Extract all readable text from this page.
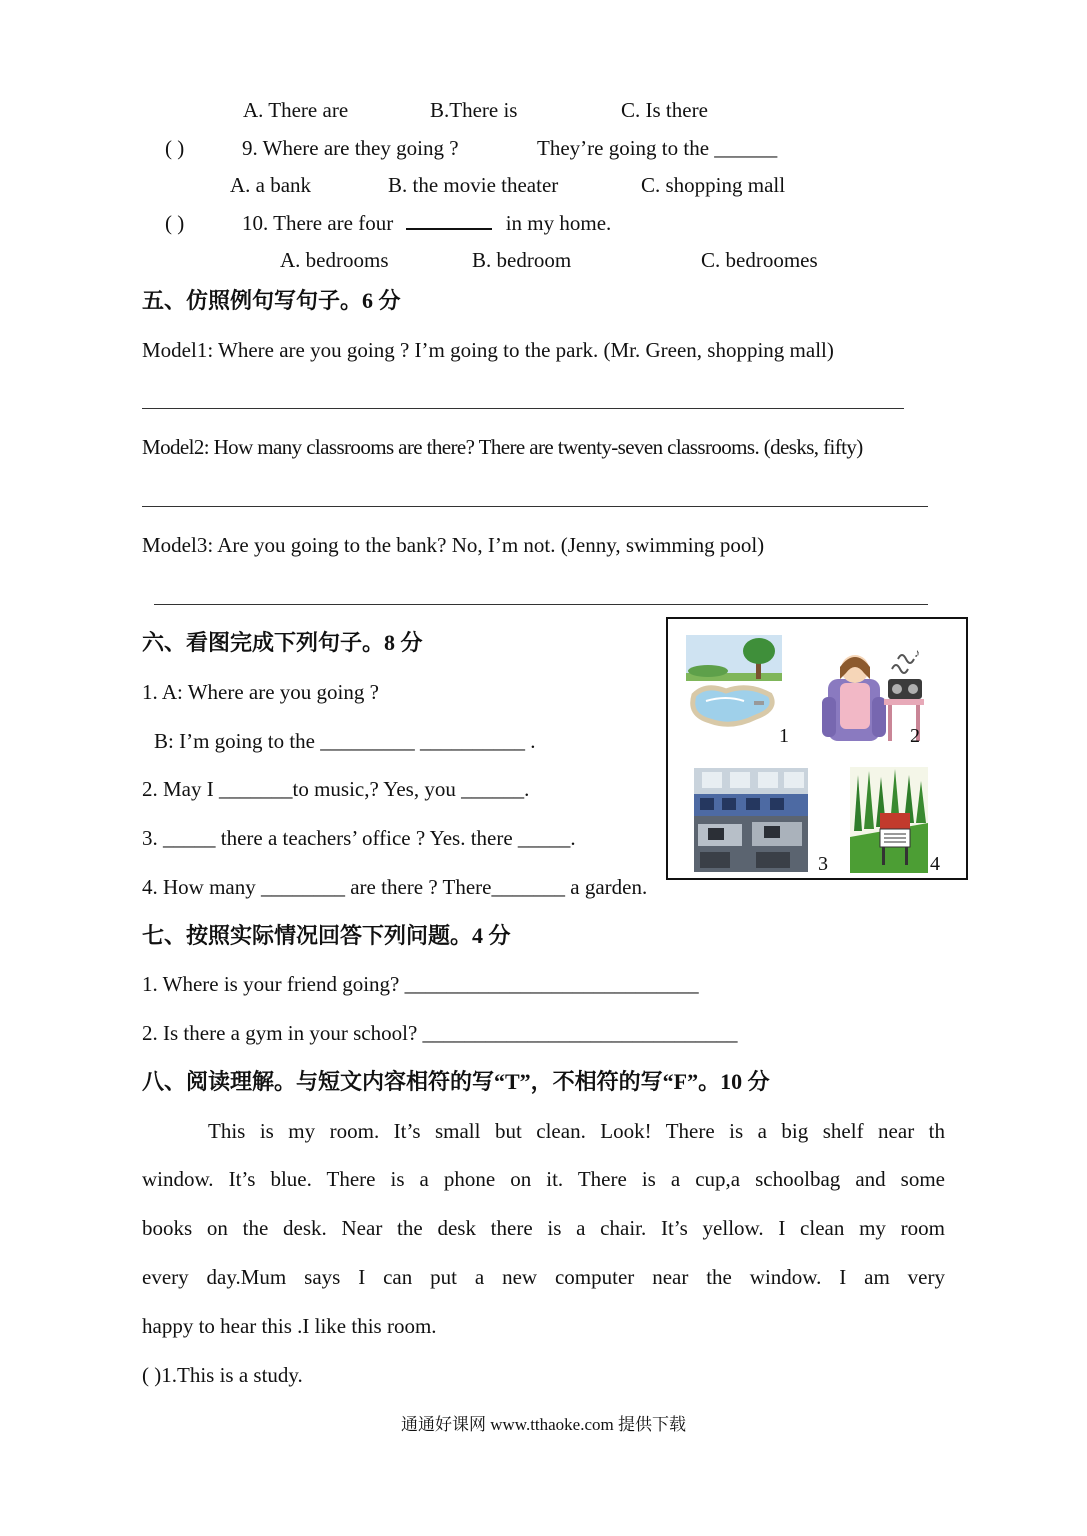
A. There are	B.There is	C. Is there
( )	9. Where are they going ?	They’re going to the ______
A. a bank	B. the movie theater	C. shopping mall
( )	10. There are four	in my home.
A. bedrooms	B. bedroom	C. bedroomes
五、仿照例句写句子。6 分
Model1: Where are you going ? I’m going to the park. (Mr. Green, shopping mall)
Model2: How many classrooms are there? There are twenty-seven classrooms. (desks, fifty)
Model3: Are you going to the bank? No, I’m not. (Jenny, swimming pool)
六、看图完成下列句子。8 分
1. A: Where are you going ?
B: I’m going to the _________ __________ .
2. May I _______to music,? Yes, you ______.
3. _____ there a teachers’ office ? Yes. there _____.
4. How many ________ are there ? There_______ a garden.
1
♪
2
3	4
七、按照实际情况回答下列问题。4 分
1. Where is your friend going? ____________________________
2. Is there a gym in your school? ______________________________
八、阅读理解。与短文内容相符的写“T”，不相符的写“F”。10 分
This is my room. It’s small but clean. Look! There is a big shelf near th
window. It’s blue. There is a phone on it. There is a cup,a schoolbag and some
books on the desk. Near the desk there is a chair. It’s yellow. I clean my room
every day.Mum says I can put a new computer near the window. I am very
happy to hear this .I like this room.
( )1.This is a study.
通通好课网 www.tthaoke.com 提供下载
